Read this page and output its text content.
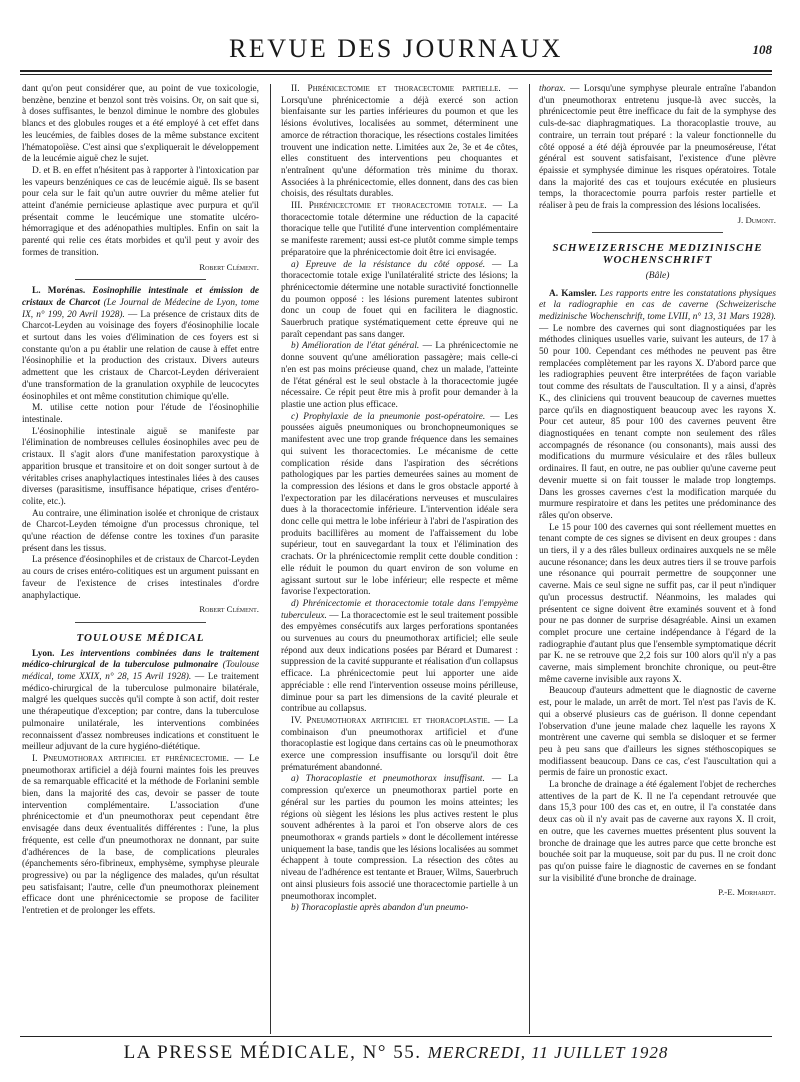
REVUE DES JOURNAUX	108

dant qu'on peut considérer que, au point de vue toxicologie, benzène, benzine et benzol sont très voisins. Or, on sait que si, à doses suffisantes, le benzol diminue le nombre des globules blancs et des globules rouges et a été employé à cet effet dans les leucémies, de faibles doses de la même substance excitent l'hématopoïèse. C'est ainsi que s'expliquerait le développement de la leucémie aiguë chez le sujet.

D. et B. en effet n'hésitent pas à rapporter à l'intoxication par les vapeurs benzéniques ce cas de leucémie aiguë. Ils se basent pour cela sur le fait qu'un autre ouvrier du même atelier fut atteint d'anémie pernicieuse aplastique avec purpura et qu'il présentait comme le leucémique une stomatite ulcéro-hémorragique et des adénopathies multiples. Enfin on sait la parenté qui relie ces états morbides et qu'il peut y avoir des formes de transition.

Robert Clément.

L. Morénas. Eosinophilie intestinale et émission de cristaux de Charcot (Le Journal de Médecine de Lyon, tome IX, n° 199, 20 Avril 1928). — La présence de cristaux dits de Charcot-Leyden au voisinage des foyers d'éosinophilie locale et surtout dans les voies d'élimination de ces foyers est si constante qu'on a pu établir une relation de cause à effet entre l'éosinophilie et la production des cristaux. Divers auteurs admettent que les cristaux de Charcot-Leyden dériveraient d'une transformation de la granulation oxyphile de leucocytes éosinophiles et ont même constitution chimique qu'elle.

M. utilise cette notion pour l'étude de l'éosinophilie intestinale.

L'éosinophilie intestinale aiguë se manifeste par l'élimination de nombreuses cellules éosinophiles avec peu de cristaux. Il s'agit alors d'une manifestation paroxystique à apparition brusque et transitoire et on doit songer surtout à de véritables crises anaphylactiques intestinales liées à des causes diverses (parasitisme, insuffisance hépatique, crises d'entéro-colite, etc.).

Au contraire, une élimination isolée et chronique de cristaux de Charcot-Leyden témoigne d'un processus chronique, tel qu'une réaction de défense contre les toxines d'un parasite présent dans les tissus.

La présence d'éosinophiles et de cristaux de Charcot-Leyden au cours de crises entéro-colitiques est un argument puissant en faveur de l'existence de crises intestinales d'ordre anaphylactique.

Robert Clément.

TOULOUSE MÉDICAL

Lyon. Les interventions combinées dans le traitement médico-chirurgical de la tuberculose pulmonaire (Toulouse médical, tome XXIX, n° 28, 15 Avril 1928). — Le traitement médico-chirurgical de la tuberculose pulmonaire bilatérale, malgré les quelques succès qu'il compte à son actif, doit rester une thérapeutique d'exception; par contre, dans la tuberculose pulmonaire unilatérale, les interventions combinées reconnaissent d'assez nombreuses indications et constituent le meilleur adjuvant de la cure hygiéno-diététique.

I. Pneumothorax artificiel et phrénicectomie. — Le pneumothorax artificiel a déjà fourni maintes fois les preuves de sa remarquable efficacité et la méthode de Forlanini semble bien, dans la majorité des cas, devoir se passer de toute intervention complémentaire. L'association d'une phrénicectomie et d'un pneumothorax peut cependant être envisagée dans deux éventualités différentes : l'une, la plus fréquente, est celle d'un pneumothorax ne donnant, par suite d'adhérences de la base, de complications pleurales (épanchements séro-fibrineux, emphysème, symphyse pleurale progressive) ou par la négligence des malades, qu'un résultat peu satisfaisant; l'autre, celle d'un pneumothorax pleinement efficace dont une phrénicectomie se propose de faciliter l'entretien et de prolonger les effets.

II. Phrénicectomie et thoracectomie partielle. — Lorsqu'une phrénicectomie a déjà exercé son action bienfaisante sur les parties inférieures du poumon et que les lésions évolutives, localisées au sommet, déterminent une amorce de rétraction thoracique, les résections costales limitées trouvent une indication nette. Limitées aux 2e, 3e et 4e côtes, elles constituent des interventions peu choquantes et n'entraînent qu'une déformation très minime du thorax. Associées à la phrénicectomie, elles donnent, dans des cas bien choisis, des résultats durables.

III. Phrénicectomie et thoracectomie totale. — La thoracectomie totale détermine une réduction de la capacité thoracique telle que l'utilité d'une intervention complémentaire se manifeste rarement; aussi est-ce plutôt comme simple temps préparatoire que la phrénicectomie doit être ici envisagée.

a) Epreuve de la résistance du côté opposé. — La thoracectomie totale exige l'unilatéralité stricte des lésions; la phrénicectomie détermine une notable suractivité fonctionnelle du poumon opposé : les lésions purement latentes subiront donc un coup de fouet qui en facilitera le diagnostic. Sauerbruch pratique systématiquement cette épreuve qui ne paraît cependant pas sans danger.

b) Amélioration de l'état général. — La phrénicectomie ne donne souvent qu'une amélioration passagère; mais celle-ci n'en est pas moins précieuse quand, chez un malade, l'atteinte de l'état général est le seul obstacle à la thoracectomie jugée nécessaire. Ce répit peut être mis à profit pour demander à la plastie une action plus efficace.

c) Prophylaxie de la pneumonie post-opératoire. — Les poussées aiguës pneumoniques ou bronchopneumoniques se manifestent avec une trop grande fréquence dans les semaines qui suivent les thoracectomies. Le mécanisme de cette complication réside dans l'aspiration des sécrétions pathologiques par les parties demeurées saines au moment de la compression des lésions et dans le gros obstacle apporté à l'expectoration par les dilacérations nerveuses et musculaires dues à la thoracectomie inférieure. L'intervention idéale sera donc celle qui mettra le lobe inférieur à l'abri de l'aspiration des produits bacillifères au moment de l'affaissement du lobe supérieur, tout en sauvegardant la toux et l'élimination des crachats. Or la phrénicectomie remplit cette double condition : elle réduit le poumon du quart environ de son volume en agissant surtout sur le lobe inférieur; elle respecte et même favorise l'expectoration.

d) Phrénicectomie et thoracectomie totale dans l'empyème tuberculeux. — La thoracectomie est le seul traitement possible des empyèmes consécutifs aux larges perforations spontanées ou survenues au cours du pneumothorax artificiel; elle seule répond aux deux indications posées par Bérard et Dumarest : suppression de la cavité suppurante et réalisation d'un collapsus efficace. La phrénicectomie peut lui apporter une aide appréciable : elle rend l'intervention osseuse moins périlleuse, diminue pour sa part les dimensions de la cavité pleurale et contribue au collapsus.

IV. Pneumothorax artificiel et thoracoplastie. — La combinaison d'un pneumothorax artificiel et d'une thoracoplastie est logique dans certains cas où le pneumothorax exerce une compression insuffisante ou lorsqu'il doit être prématurément abandonné.

a) Thoracoplastie et pneumothorax insuffisant. — La compression qu'exerce un pneumothorax partiel porte en général sur les parties du poumon les moins atteintes; les régions où siègent les lésions les plus actives restent le plus souvent adhérentes à la paroi et l'on observe alors de ces pneumothorax « grands partiels » dont le décollement intéresse uniquement la base, tandis que les lésions localisées au sommet échappent à toute compression. La résection des côtes au niveau de l'adhérence est tentante et Brauer, Wilms, Sauerbruch ont ainsi plusieurs fois associé une thoracectomie partielle à un pneumothorax incomplet.

b) Thoracoplastie après abandon d'un pneumo-

thorax. — Lorsqu'une symphyse pleurale entraîne l'abandon d'un pneumothorax entretenu jusque-là avec succès, la phrénicectomie peut être inefficace du fait de la symphyse des culs-de-sac diaphragmatiques. La thoracoplastie trouve, au contraire, un terrain tout préparé : la valeur fonctionnelle du côté opposé a été déjà éprouvée par la pneumoséreuse, l'état général est souvent satisfaisant, l'existence d'une plèvre épaissie et symphysée diminue les risques opératoires. Totale dans la majorité des cas et toujours exécutée en plusieurs temps, la thoracectomie pourra parfois rester partielle et réaliser à peu de frais la compression des lésions localisées.

J. Dumont.

SCHWEIZERISCHE MEDIZINISCHE WOCHENSCHRIFT

(Bâle)

A. Kamsler. Les rapports entre les constatations physiques et la radiographie en cas de caverne (Schweizerische medizinische Wochenschrift, tome LVIII, n° 13, 31 Mars 1928). — Le nombre des cavernes qui sont diagnostiquées par les méthodes cliniques usuelles varie, suivant les auteurs, de 17 à 50 pour 100. Cependant ces méthodes ne peuvent pas être remplacées complètement par les rayons X. D'abord parce que les radiographies peuvent être interprétées de façon variable tout comme des résultats de l'auscultation. Il y a ainsi, d'après K., des cliniciens qui trouvent beaucoup de cavernes muettes parce qu'ils en diagnostiquent beaucoup avec les rayons X. Pour cet auteur, 85 pour 100 des cavernes peuvent être diagnostiquées en tenant compte non seulement des râles accompagnés de résonance (ou consonants), mais aussi des modifications du murmure vésiculaire et des râles bulleux ordinaires. Il faut, en outre, ne pas oublier qu'une caverne peut devenir muette si on fait tousser le malade trop longtemps. Dans les grosses cavernes c'est la modification marquée du murmure respiratoire et dans les petites une prédominance des râles qu'on observe.

Le 15 pour 100 des cavernes qui sont réellement muettes en tenant compte de ces signes se divisent en deux groupes : dans un tiers, il y a des râles bulleux ordinaires auxquels ne se mêle aucune résonance; dans les deux autres tiers il se trouve parfois une résonance qui pourrait permettre de soupçonner une caverne. Mais ce seul signe ne suffit pas, car il peut n'indiquer qu'un processus destructif. Néanmoins, les malades qui présentent ce signe doivent être examinés souvent et à fond pour ne pas donner de surprise désagréable. Ainsi un examen complet procure une certaine indépendance à l'égard de la radiographie d'autant plus que l'ensemble symptomatique décrit par K. ne se retrouve que 2,2 fois sur 100 alors qu'il n'y a pas caverne, mais simplement bronchite chronique, ou peut-être même caverne invisible aux rayons X.

Beaucoup d'auteurs admettent que le diagnostic de caverne est, pour le malade, un arrêt de mort. Tel n'est pas l'avis de K. qui a observé plusieurs cas de guérison. Il donne cependant l'observation d'une jeune malade chez laquelle les rayons X montrèrent une caverne qui sembla se disloquer et se fermer peu à peu sans que d'ailleurs les signes stéthoscopiques se modifiassent beaucoup. Dans ce cas, c'est l'auscultation qui a permis de faire un pronostic exact.

La bronche de drainage a été également l'objet de recherches attentives de la part de K. Il ne l'a cependant retrouvée que dans 15,3 pour 100 des cas et, en outre, il l'a constatée dans deux cas où il n'y avait pas de caverne aux rayons X. Il croit, en outre, que les cavernes muettes présentent plus souvent la bronche de drainage que les autres parce que cette bronche est bouchée soit par la muqueuse, soit par du pus. Il ne croit donc pas qu'on puisse faire le diagnostic de cavernes en se fondant sur la visibilité d'une bronche de drainage.

P.-E. Morhardt.

LA PRESSE MÉDICALE, N° 55. MERCREDI, 11 JUILLET 1928
